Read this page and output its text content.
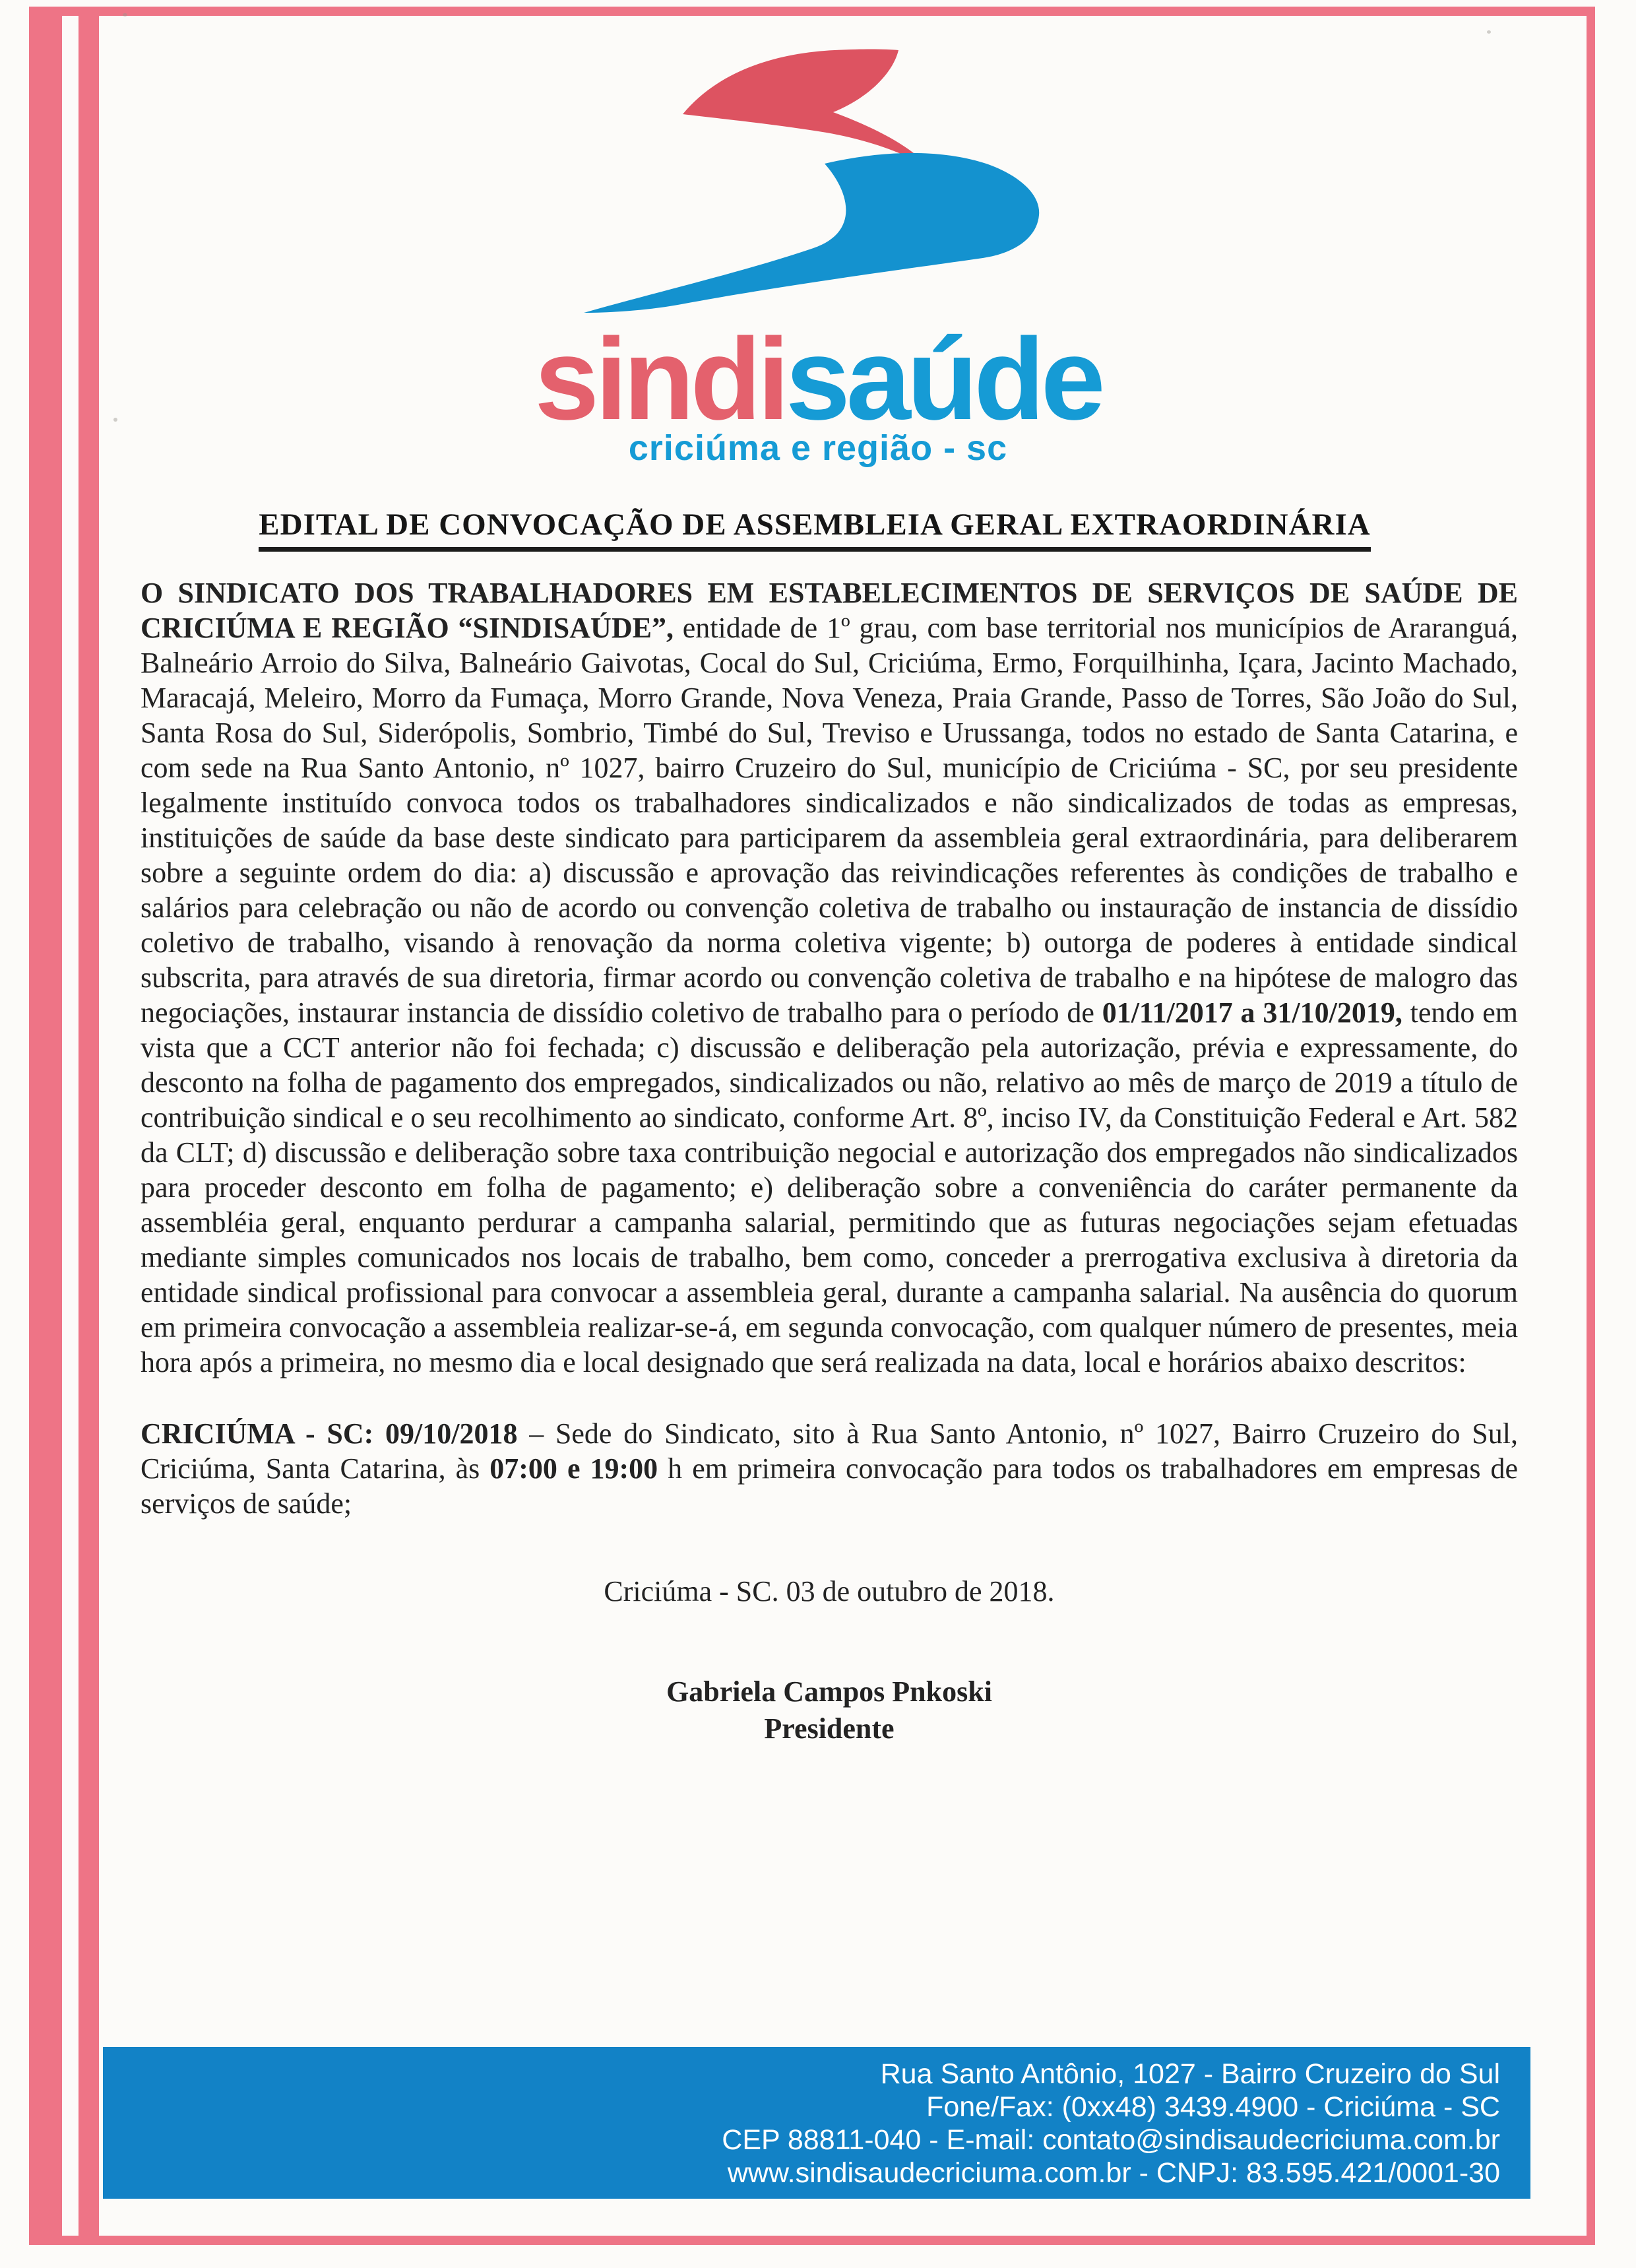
sindisaúde
criciúma e região - sc
EDITAL DE CONVOCAÇÃO DE ASSEMBLEIA GERAL EXTRAORDINÁRIA

O SINDICATO DOS TRABALHADORES EM ESTABELECIMENTOS DE SERVIÇOS DE SAÚDE DE CRICIÚMA E REGIÃO “SINDISAÚDE”, entidade de 1º grau, com base territorial nos municípios de Araranguá, Balneário Arroio do Silva, Balneário Gaivotas, Cocal do Sul, Criciúma, Ermo, Forquilhinha, Içara, Jacinto Machado, Maracajá, Meleiro, Morro da Fumaça, Morro Grande, Nova Veneza, Praia Grande, Passo de Torres, São João do Sul, Santa Rosa do Sul, Siderópolis, Sombrio, Timbé do Sul, Treviso e Urussanga, todos no estado de Santa Catarina, e com sede na Rua Santo Antonio, nº 1027, bairro Cruzeiro do Sul, município de Criciúma - SC, por seu presidente legalmente instituído convoca todos os trabalhadores sindicalizados e não sindicalizados de todas as empresas, instituições de saúde da base deste sindicato para participarem da assembleia geral extraordinária, para deliberarem sobre a seguinte ordem do dia: a) discussão e aprovação das reivindicações referentes às condições de trabalho e salários para celebração ou não de acordo ou convenção coletiva de trabalho ou instauração de instancia de dissídio coletivo de trabalho, visando à renovação da norma coletiva vigente; b) outorga de poderes à entidade sindical subscrita, para através de sua diretoria, firmar acordo ou convenção coletiva de trabalho e na hipótese de malogro das negociações, instaurar instancia de dissídio coletivo de trabalho para o período de 01/11/2017 a 31/10/2019, tendo em vista que a CCT anterior não foi fechada; c) discussão e deliberação pela autorização, prévia e expressamente, do desconto na folha de pagamento dos empregados, sindicalizados ou não, relativo ao mês de março de 2019 a título de contribuição sindical e o seu recolhimento ao sindicato, conforme Art. 8º, inciso IV, da Constituição Federal e Art. 582 da CLT; d) discussão e deliberação sobre taxa contribuição negocial e autorização dos empregados não sindicalizados para proceder desconto em folha de pagamento; e) deliberação sobre a conveniência do caráter permanente da assembléia geral, enquanto perdurar a campanha salarial, permitindo que as futuras negociações sejam efetuadas mediante simples comunicados nos locais de trabalho, bem como, conceder a prerrogativa exclusiva à diretoria da entidade sindical profissional para convocar a assembleia geral, durante a campanha salarial. Na ausência do quorum em primeira convocação a assembleia realizar-se-á, em segunda convocação, com qualquer número de presentes, meia hora após a primeira, no mesmo dia e local designado que será realizada na data, local e horários abaixo descritos:

CRICIÚMA - SC: 09/10/2018 – Sede do Sindicato, sito à Rua Santo Antonio, nº 1027, Bairro Cruzeiro do Sul, Criciúma, Santa Catarina, às 07:00 e 19:00 h em primeira convocação para todos os trabalhadores em empresas de serviços de saúde;

Criciúma - SC. 03 de outubro de 2018.

Gabriela Campos Pnkoski
Presidente
Rua Santo Antônio, 1027 - Bairro Cruzeiro do Sul
Fone/Fax: (0xx48) 3439.4900 - Criciúma - SC
CEP 88811-040 - E-mail: contato@sindisaudecriciuma.com.br
www.sindisaudecriciuma.com.br - CNPJ: 83.595.421/0001-30
